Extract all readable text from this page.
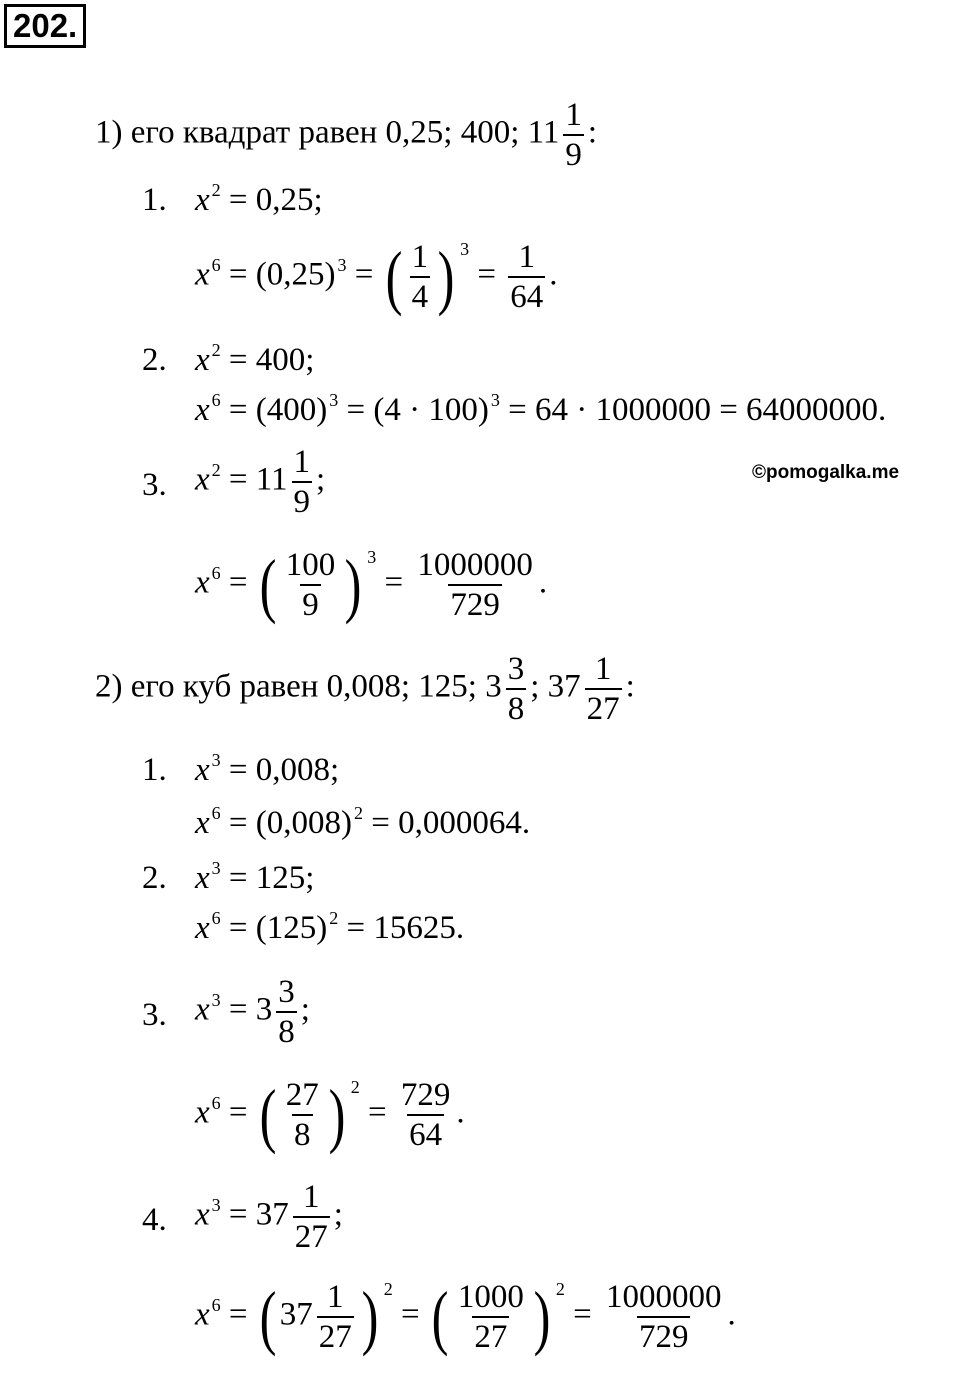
202.
1) его квадрат равен 0,25; 400; $11 \frac{1}{9}$ :
1. x $^2$ = 0,25;
x $^6$ = (0,25) $^3$ = ( $\frac{1}{4}$ ) $^3 = \frac{1}{64}$ .
2. x $^2$ = 400;
x $^6$ = (400) $^3$ = (4 · 100) $^3$ = 64 · 1000000 = 64000000.
3. x $^2 = 11 \frac{1}{9}$ ;	©pomogalka.me
x $^6$ = ( $\frac{100}{9}$ ) $^3 = \frac{1000000}{729}$ .
2) его куб равен 0,008; 125; $3 \frac{3}{8}$ ; $37 \frac{1}{27}$ :
1. x $^3$ = 0,008;
x $^6$ = (0,008) $^2$ = 0,000064.
2. x $^3$ = 125;
x $^6$ = (125) $^2$ = 15625.
3. x $^3 = 3 \frac{3}{8}$ ;
x $^6$ = ( $\frac{27}{8}$ ) $^2 = \frac{729}{64}$ .
4. x $^3 = 37 \frac{1}{27}$ ;
x $^6$ = ( $37 \frac{1}{27}$ ) $^2$ = ( $\frac{1000}{27}$ ) $^2 = \frac{1000000}{729}$ .
